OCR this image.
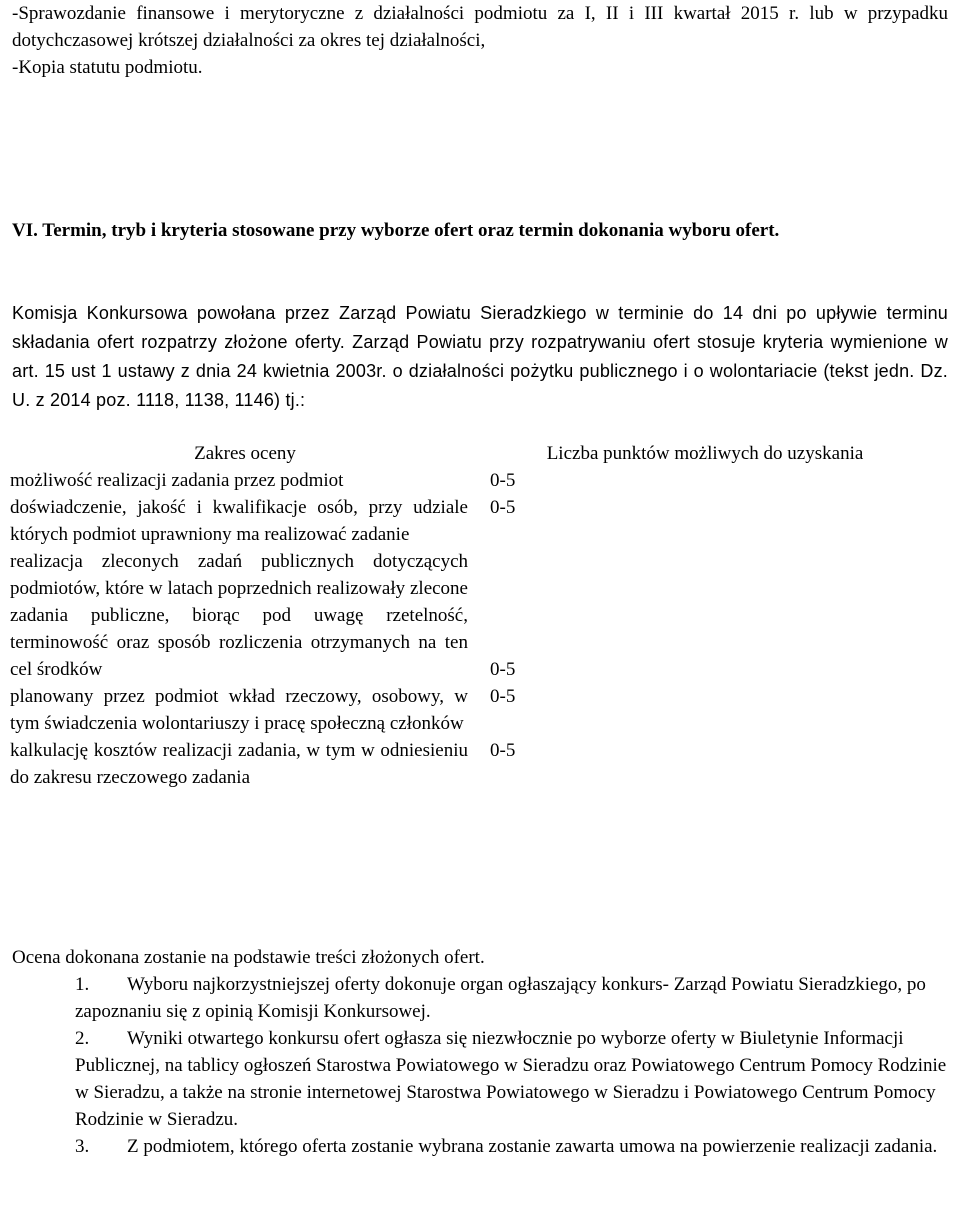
-Sprawozdanie finansowe i merytoryczne z działalności podmiotu za I, II i III kwartał 2015 r. lub w przypadku dotychczasowej krótszej działalności za okres tej działalności,

-Kopia statutu podmiotu.

VI. Termin, tryb i kryteria stosowane przy wyborze ofert oraz termin dokonania wyboru ofert.
Komisja Konkursowa powołana przez Zarząd Powiatu Sieradzkiego w terminie do 14 dni po upływie terminu składania ofert rozpatrzy złożone oferty. Zarząd Powiatu przy rozpatrywaniu ofert stosuje kryteria wymienione w art. 15 ust 1 ustawy z dnia 24 kwietnia 2003r. o działalności pożytku publicznego i o wolontariacie (tekst jedn. Dz. U. z 2014 poz. 1118, 1138, 1146) tj.:
Zakres oceny	Liczba punktów możliwych do uzyskania
możliwość realizacji zadania przez podmiot	0-5
doświadczenie, jakość i kwalifikacje osób, przy udziale których podmiot uprawniony ma realizować zadanie	0-5
realizacja zleconych zadań publicznych dotyczących podmiotów, które w latach poprzednich realizowały zlecone zadania publiczne, biorąc pod uwagę rzetelność, terminowość oraz sposób rozliczenia otrzymanych na ten cel środków	0-5
planowany przez podmiot wkład rzeczowy, osobowy, w tym świadczenia wolontariuszy i pracę społeczną członków	0-5
kalkulację kosztów realizacji zadania, w tym w odniesieniu do zakresu rzeczowego zadania	0-5

Ocena dokonana zostanie na podstawie treści złożonych ofert.

1.	Wyboru najkorzystniejszej oferty dokonuje organ ogłaszający konkurs- Zarząd Powiatu Sieradzkiego, po zapoznaniu się z opinią Komisji Konkursowej.
2.	Wyniki otwartego konkursu ofert ogłasza się niezwłocznie po wyborze oferty w Biuletynie Informacji Publicznej, na tablicy ogłoszeń Starostwa Powiatowego w Sieradzu oraz Powiatowego Centrum Pomocy Rodzinie w Sieradzu, a także na stronie internetowej Starostwa Powiatowego w Sieradzu i Powiatowego Centrum Pomocy Rodzinie w Sieradzu.
3.	Z podmiotem, którego oferta zostanie wybrana zostanie zawarta umowa na powierzenie realizacji zadania.
